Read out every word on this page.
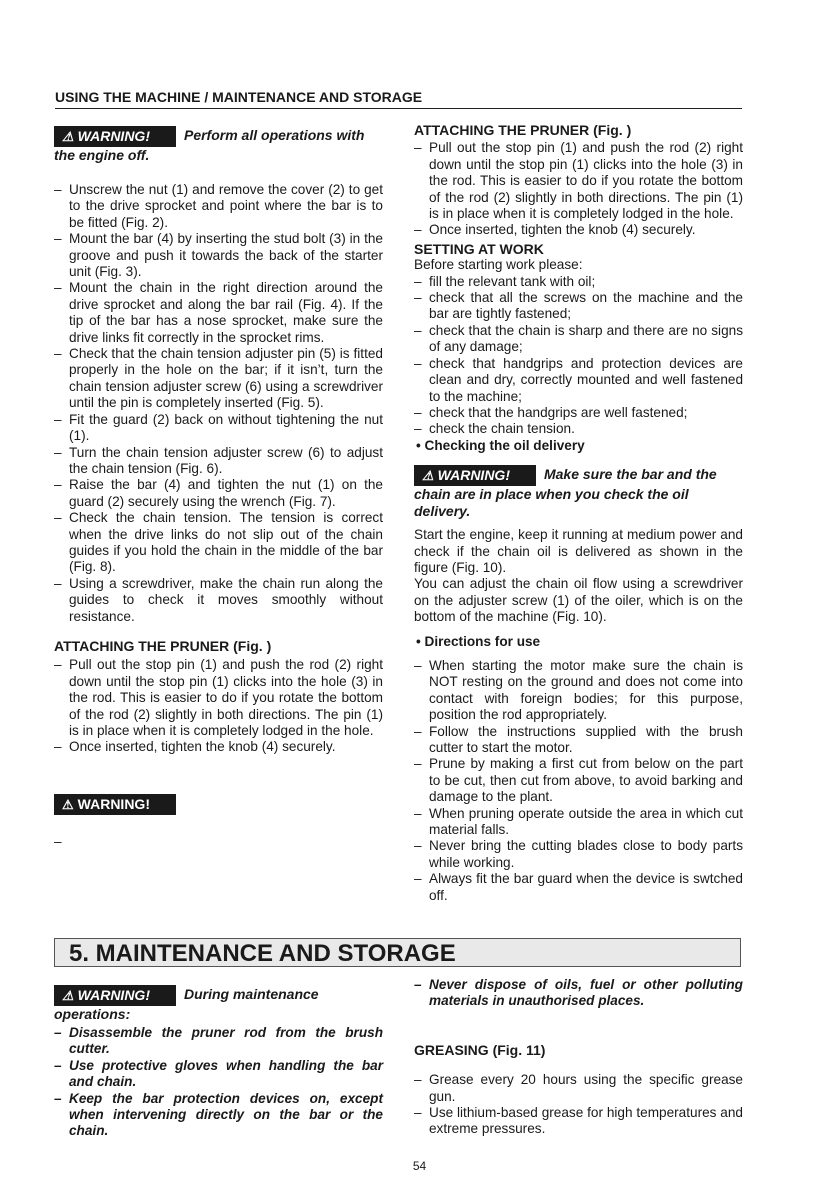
USING THE MACHINE / MAINTENANCE AND STORAGE
⚠ WARNING! Perform all operations with the engine off.
– Unscrew the nut (1) and remove the cover (2) to get to the drive sprocket and point where the bar is to be fitted (Fig. 2).
– Mount the bar (4) by inserting the stud bolt (3) in the groove and push it towards the back of the starter unit (Fig. 3).
– Mount the chain in the right direction around the drive sprocket and along the bar rail (Fig. 4). If the tip of the bar has a nose sprocket, make sure the drive links fit correctly in the sprocket rims.
– Check that the chain tension adjuster pin (5) is fitted properly in the hole on the bar; if it isn’t, turn the chain tension adjuster screw (6) using a screwdriver until the pin is completely inserted (Fig. 5).
– Fit the guard (2) back on without tightening the nut (1).
– Turn the chain tension adjuster screw (6) to adjust the chain tension (Fig. 6).
– Raise the bar (4) and tighten the nut (1) on the guard (2) securely using the wrench (Fig. 7).
– Check the chain tension. The tension is correct when the drive links do not slip out of the chain guides if you hold the chain in the middle of the bar (Fig. 8).
– Using a screwdriver, make the chain run along the guides to check it moves smoothly without resistance.
ATTACHING THE PRUNER (Fig. )
– Pull out the stop pin (1) and push the rod (2) right down until the stop pin (1) clicks into the hole (3) in the rod. This is easier to do if you rotate the bottom of the rod (2) slightly in both directions. The pin (1) is in place when it is completely lodged in the hole.
– Once inserted, tighten the knob (4) securely.
⚠ WARNING!
–
ATTACHING THE PRUNER (Fig. )
– Pull out the stop pin (1) and push the rod (2) right down until the stop pin (1) clicks into the hole (3) in the rod. This is easier to do if you rotate the bottom of the rod (2) slightly in both directions. The pin (1) is in place when it is completely lodged in the hole.
– Once inserted, tighten the knob (4) securely.
SETTING AT WORK

Before starting work please:

– fill the relevant tank with oil;
– check that all the screws on the machine and the bar are tightly fastened;
– check that the chain is sharp and there are no signs of any damage;
– check that handgrips and protection devices are clean and dry, correctly mounted and well fastened to the machine;
– check that the handgrips are well fastened;
– check the chain tension.
• Checking the oil delivery
⚠ WARNING! Make sure the bar and the chain are in place when you check the oil delivery.

Start the engine, keep it running at medium power and check if the chain oil is delivered as shown in the figure (Fig. 10).

You can adjust the chain oil flow using a screwdriver on the adjuster screw (1) of the oiler, which is on the bottom of the machine (Fig. 10).

• Directions for use
– When starting the motor make sure the chain is NOT resting on the ground and does not come into contact with foreign bodies; for this purpose, position the rod appropriately.
– Follow the instructions supplied with the brush cutter to start the motor.
– Prune by making a first cut from below on the part to be cut, then cut from above, to avoid barking and damage to the plant.
– When pruning operate outside the area in which cut material falls.
– Never bring the cutting blades close to body parts while working.
– Always fit the bar guard when the device is swtched off.
5. MAINTENANCE AND STORAGE
⚠ WARNING! During maintenance operations:
– Disassemble the pruner rod from the brush cutter.
– Use protective gloves when handling the bar and chain.
– Keep the bar protection devices on, except when intervening directly on the bar or the chain.
– Never dispose of oils, fuel or other polluting materials in unauthorised places.
GREASING (Fig. 11)
– Grease every 20 hours using the specific grease gun.
– Use lithium-based grease for high temperatures and extreme pressures.
54
